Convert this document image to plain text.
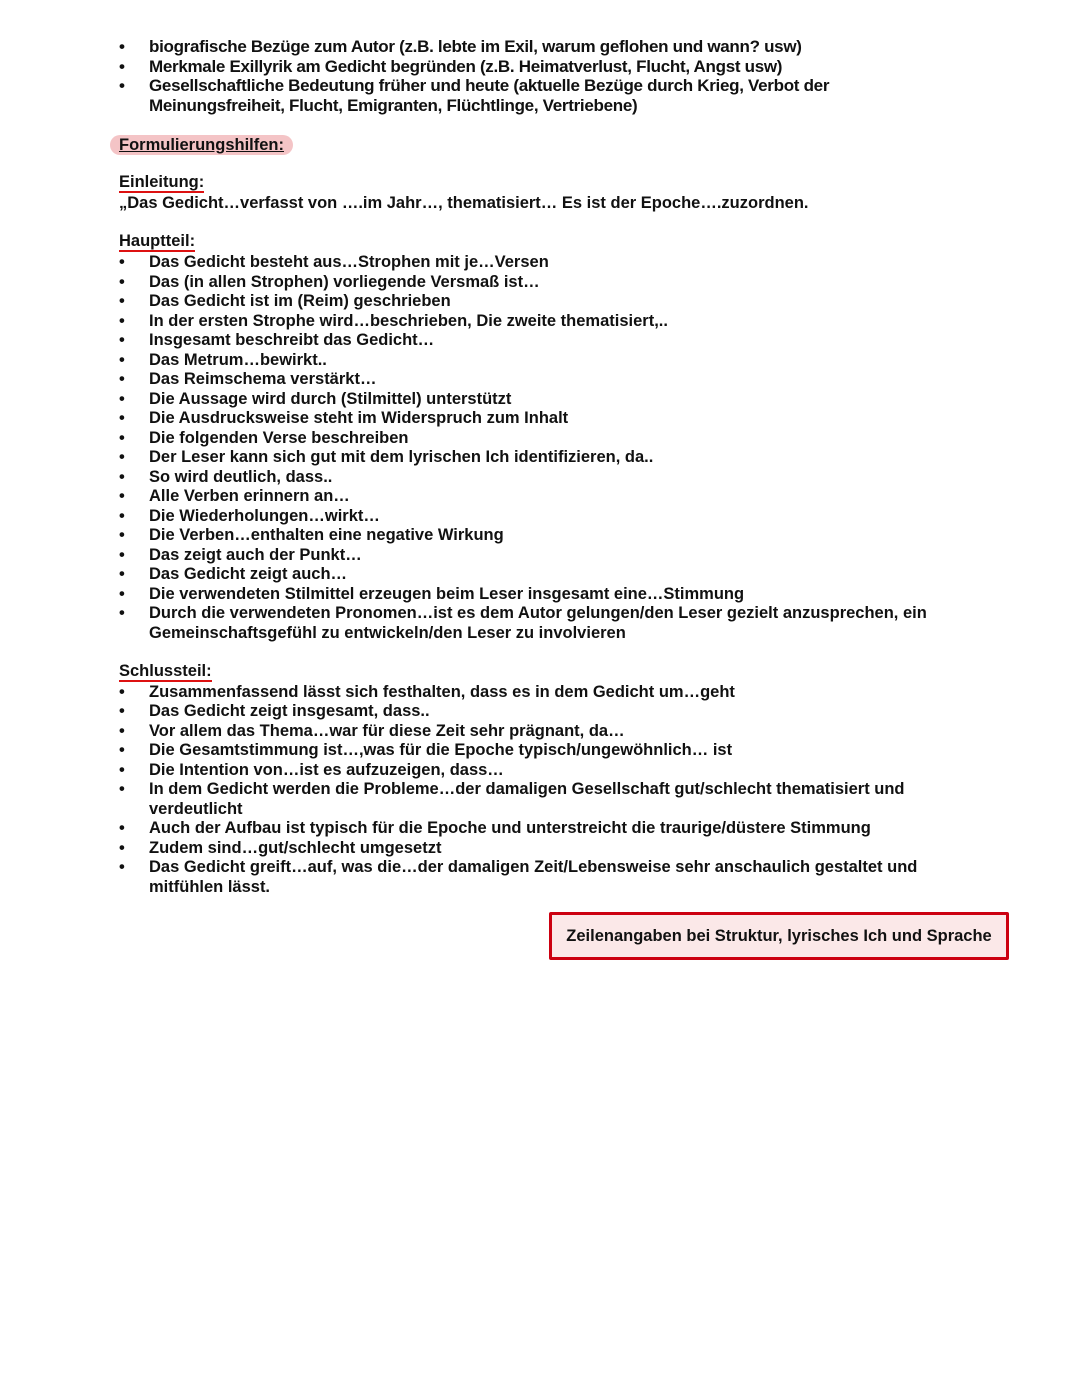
• biografische Bezüge zum Autor (z.B. lebte im Exil, warum geflohen und wann? usw)
• Merkmale Exillyrik am Gedicht begründen (z.B. Heimatverlust, Flucht, Angst usw)
• Gesellschaftliche Bedeutung früher und heute (aktuelle Bezüge durch Krieg, Verbot der Meinungsfreiheit, Flucht, Emigranten, Flüchtlinge, Vertriebene)
Formulierungshilfen:
Einleitung:
„Das Gedicht…verfasst von ….im Jahr…, thematisiert… Es ist der Epoche….zuzordnen.
Hauptteil:
• Das Gedicht besteht aus…Strophen mit je…Versen
• Das (in allen Strophen) vorliegende Versmaß ist…
• Das Gedicht ist im (Reim) geschrieben
• In der ersten Strophe wird…beschrieben, Die zweite thematisiert,..
• Insgesamt beschreibt das Gedicht…
• Das Metrum…bewirkt..
• Das Reimschema verstärkt…
• Die Aussage wird durch (Stilmittel) unterstützt
• Die Ausdrucksweise steht im Widerspruch zum Inhalt
• Die folgenden Verse beschreiben
• Der Leser kann sich gut mit dem lyrischen Ich identifizieren, da..
• So wird deutlich, dass..
• Alle Verben erinnern an…
• Die Wiederholungen…wirkt…
• Die Verben…enthalten eine negative Wirkung
• Das zeigt auch der Punkt…
• Das Gedicht zeigt auch…
• Die verwendeten Stilmittel erzeugen beim Leser insgesamt eine…Stimmung
• Durch die verwendeten Pronomen…ist es dem Autor gelungen/den Leser gezielt anzusprechen, ein Gemeinschaftsgefühl zu entwickeln/den Leser zu involvieren
Schlussteil:
• Zusammenfassend lässt sich festhalten, dass es in dem Gedicht um…geht
• Das Gedicht zeigt insgesamt, dass..
• Vor allem das Thema…war für diese Zeit sehr prägnant, da…
• Die Gesamtstimmung ist…,was für die Epoche typisch/ungewöhnlich… ist
• Die Intention von…ist es aufzuzeigen, dass…
• In dem Gedicht werden die Probleme…der damaligen Gesellschaft gut/schlecht thematisiert und verdeutlicht
• Auch der Aufbau ist typisch für die Epoche und unterstreicht die traurige/düstere Stimmung
• Zudem sind…gut/schlecht umgesetzt
• Das Gedicht greift…auf, was die…der damaligen Zeit/Lebensweise sehr anschaulich gestaltet und mitfühlen lässt.
Zeilenangaben bei Struktur, lyrisches Ich und Sprache
